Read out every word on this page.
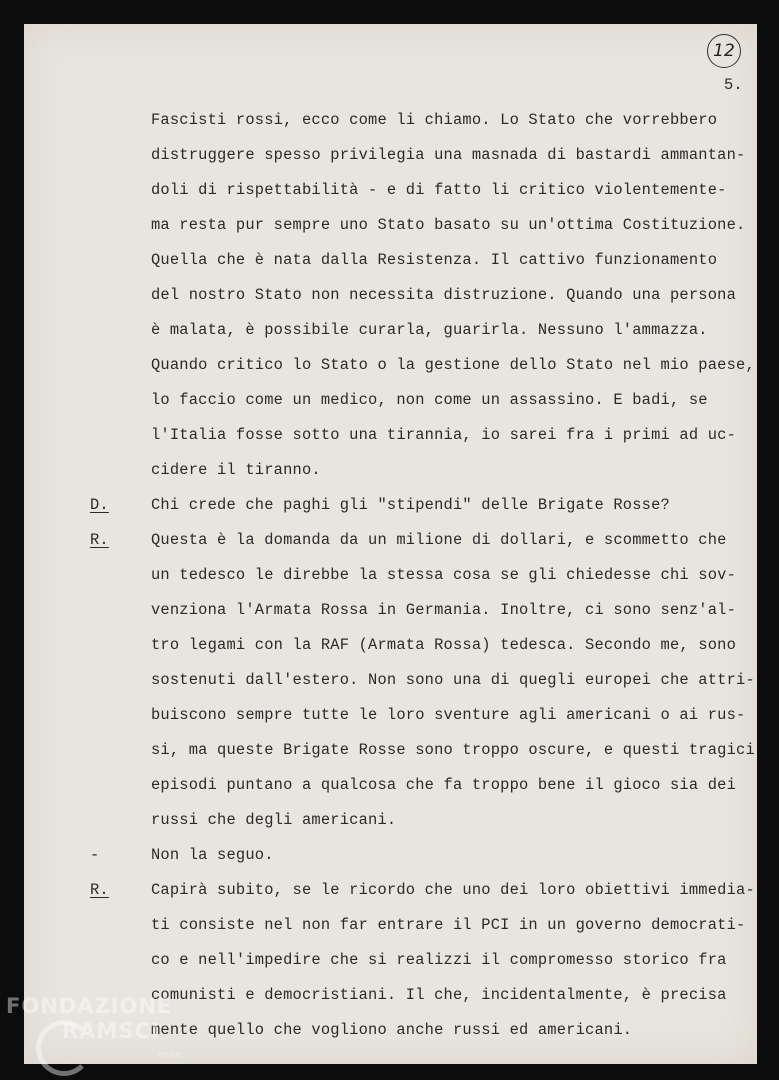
12
5.
Fascisti rossi, ecco come li chiamo. Lo Stato che vorrebbero
distruggere spesso privilegia una masnada di bastardi ammantan-
doli di rispettabilità - e di fatto li critico violentemente-
ma resta pur sempre uno Stato basato su un'ottima Costituzione.
Quella che è nata dalla Resistenza. Il cattivo funzionamento
del nostro Stato non necessita distruzione. Quando una persona
è malata, è possibile curarla, guarirla. Nessuno l'ammazza.
Quando critico lo Stato o la gestione dello Stato nel mio paese,
lo faccio come un medico, non come un assassino. E badi, se
l'Italia fosse sotto una tirannia, io sarei fra i primi ad uc-
cidere il tiranno.
D.	Chi crede che paghi gli "stipendi" delle Brigate Rosse?
R.	Questa è la domanda da un milione di dollari, e scommetto che
un tedesco le direbbe la stessa cosa se gli chiedesse chi sov-
venziona l'Armata Rossa in Germania. Inoltre, ci sono senz'al-
tro legami con la RAF (Armata Rossa) tedesca. Secondo me, sono
sostenuti dall'estero. Non sono una di quegli europei che attri-
buiscono sempre tutte le loro sventure agli americani o ai rus-
si, ma queste Brigate Rosse sono troppo oscure, e questi tragici
episodi puntano a qualcosa che fa troppo bene il gioco sia dei
russi che degli americani.
-	Non la seguo.
R.	Capirà subito, se le ricordo che uno dei loro obiettivi immedia-
ti consiste nel non far entrare il PCI in un governo democrati-
co e nell'impedire che si realizzi il compromesso storico fra
comunisti e democristiani. Il che, incidentalmente, è precisa
mente quello che vogliono anche russi ed americani.
FONDAZIONE
RAMSCI
onlus
